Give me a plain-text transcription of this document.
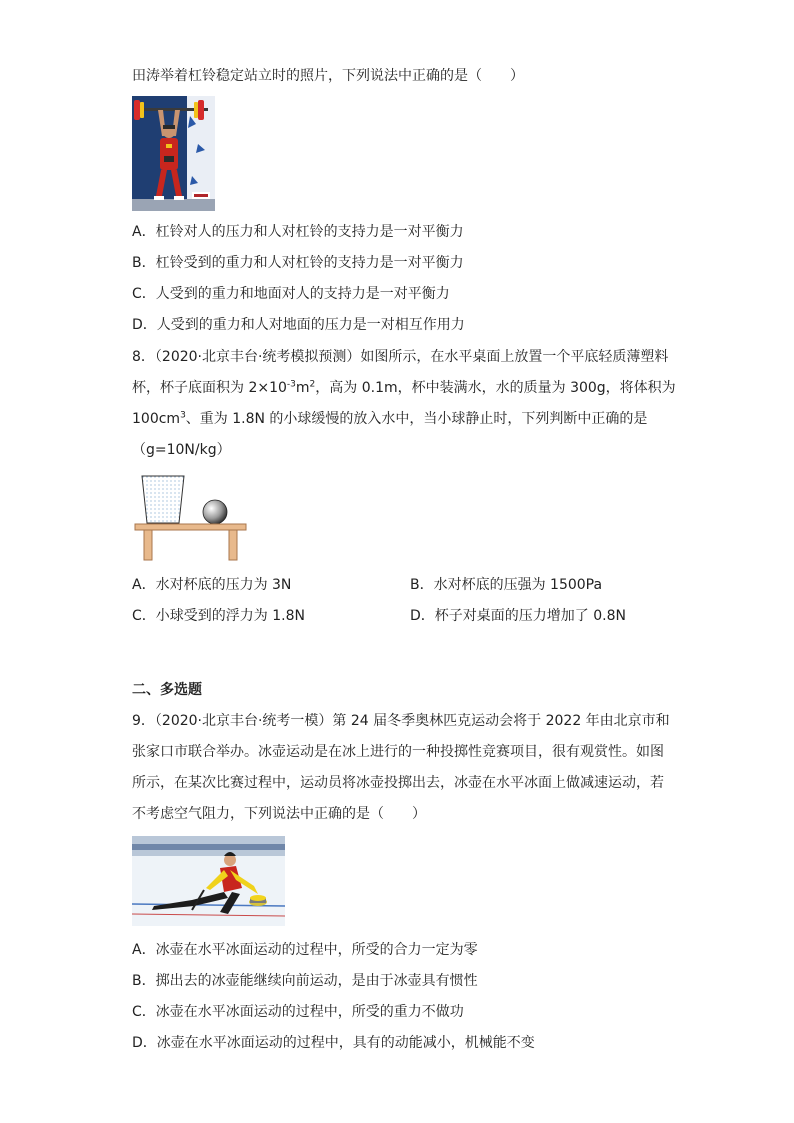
田涛举着杠铃稳定站立时的照片，下列说法中正确的是（　　）
A．杠铃对人的压力和人对杠铃的支持力是一对平衡力
B．杠铃受到的重力和人对杠铃的支持力是一对平衡力
C．人受到的重力和地面对人的支持力是一对平衡力
D．人受到的重力和人对地面的压力是一对相互作用力
8．（2020·北京丰台·统考模拟预测）如图所示，在水平桌面上放置一个平底轻质薄塑料
杯，杯子底面积为 $2\times 10^{-3}m^2$，高为 0.1m，杯中装满水，水的质量为 300g，将体积为
$100cm^3$、重为 1.8N 的小球缓慢的放入水中，当小球静止时，下列判断中正确的是
（g=10N/kg）
A．水对杯底的压力为 3N	B．水对杯底的压强为 1500Pa
C．小球受到的浮力为 1.8N	D．杯子对桌面的压力增加了 0.8N
二、多选题
9．（2020·北京丰台·统考一模）第 24 届冬季奥林匹克运动会将于 2022 年由北京市和
张家口市联合举办。冰壶运动是在冰上进行的一种投掷性竞赛项目，很有观赏性。如图
所示，在某次比赛过程中，运动员将冰壶投掷出去，冰壶在水平冰面上做减速运动，若
不考虑空气阻力，下列说法中正确的是（　　）
A．冰壶在水平冰面运动的过程中，所受的合力一定为零
B．掷出去的冰壶能继续向前运动，是由于冰壶具有惯性
C．冰壶在水平冰面运动的过程中，所受的重力不做功
D．冰壶在水平冰面运动的过程中，具有的动能减小，机械能不变
